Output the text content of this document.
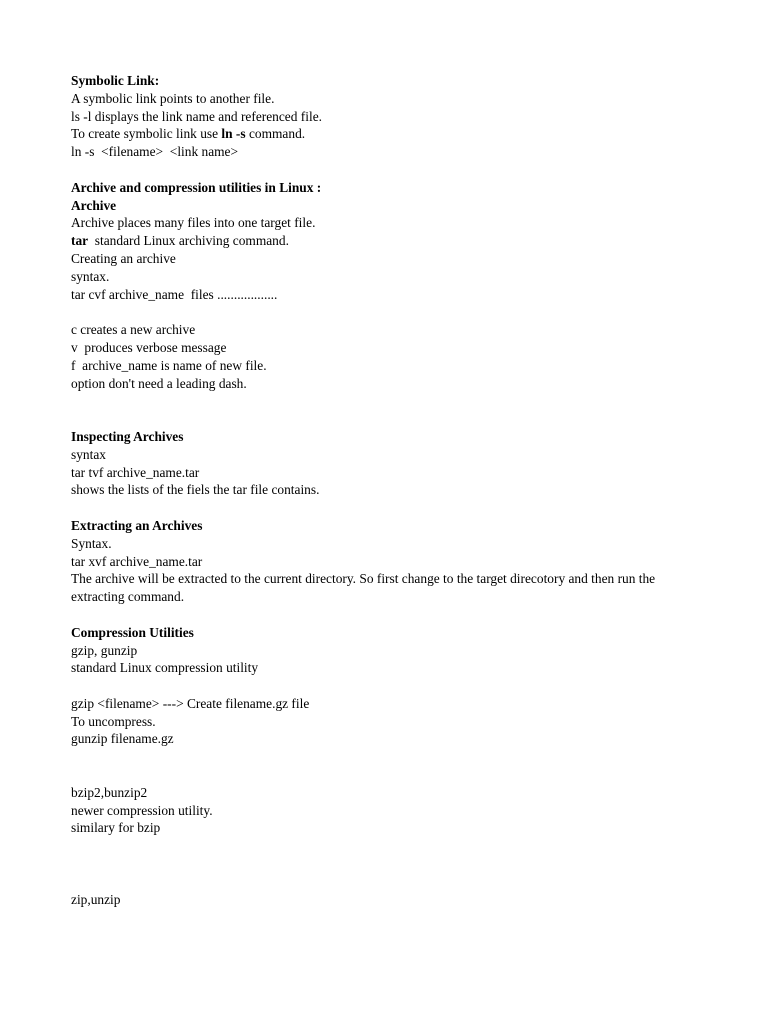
Symbolic Link:
A symbolic link points to another file.
ls -l displays the link name and referenced file.
To create symbolic link use ln -s command.
ln -s  <filename>  <link name>
Archive and compression utilities in Linux :
Archive
Archive places many files into one target file.
tar  standard Linux archiving command.
Creating an archive
syntax.
tar cvf archive_name  files ..................
c creates a new archive
v  produces verbose message
f  archive_name is name of new file.
option don't need a leading dash.
Inspecting Archives
syntax
tar tvf archive_name.tar
shows the lists of the fiels the tar file contains.
Extracting an Archives
Syntax.
tar xvf archive_name.tar
The archive will be extracted to the current directory. So first change to the target direcotory and then run the extracting command.
Compression Utilities
gzip, gunzip
standard Linux compression utility
gzip <filename> ---> Create filename.gz file
To uncompress.
gunzip filename.gz
bzip2,bunzip2
newer compression utility.
similary for bzip
zip,unzip
